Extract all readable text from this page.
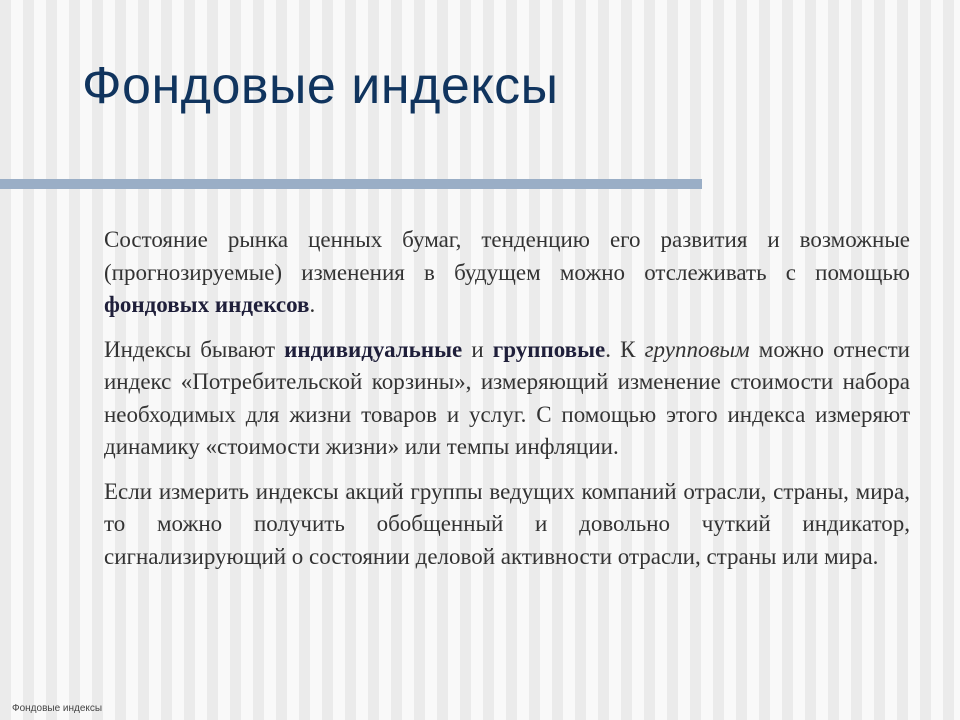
Фондовые индексы

Состояние рынка ценных бумаг, тенденцию его развития и возможные (прогнозируемые) изменения в будущем можно отслеживать с помощью фондовых индексов.

Индексы бывают индивидуальные и групповые. К групповым можно отнести индекс «Потребительской корзины», измеряющий изменение стоимости набора необходимых для жизни товаров и услуг. С помощью этого индекса измеряют динамику «стоимости жизни» или темпы инфляции.

Если измерить индексы акций группы ведущих компаний отрасли, страны, мира, то можно получить обобщенный и довольно чуткий индикатор, сигнализирующий о состоянии деловой активности отрасли, страны или мира.

Фондовые индексы
